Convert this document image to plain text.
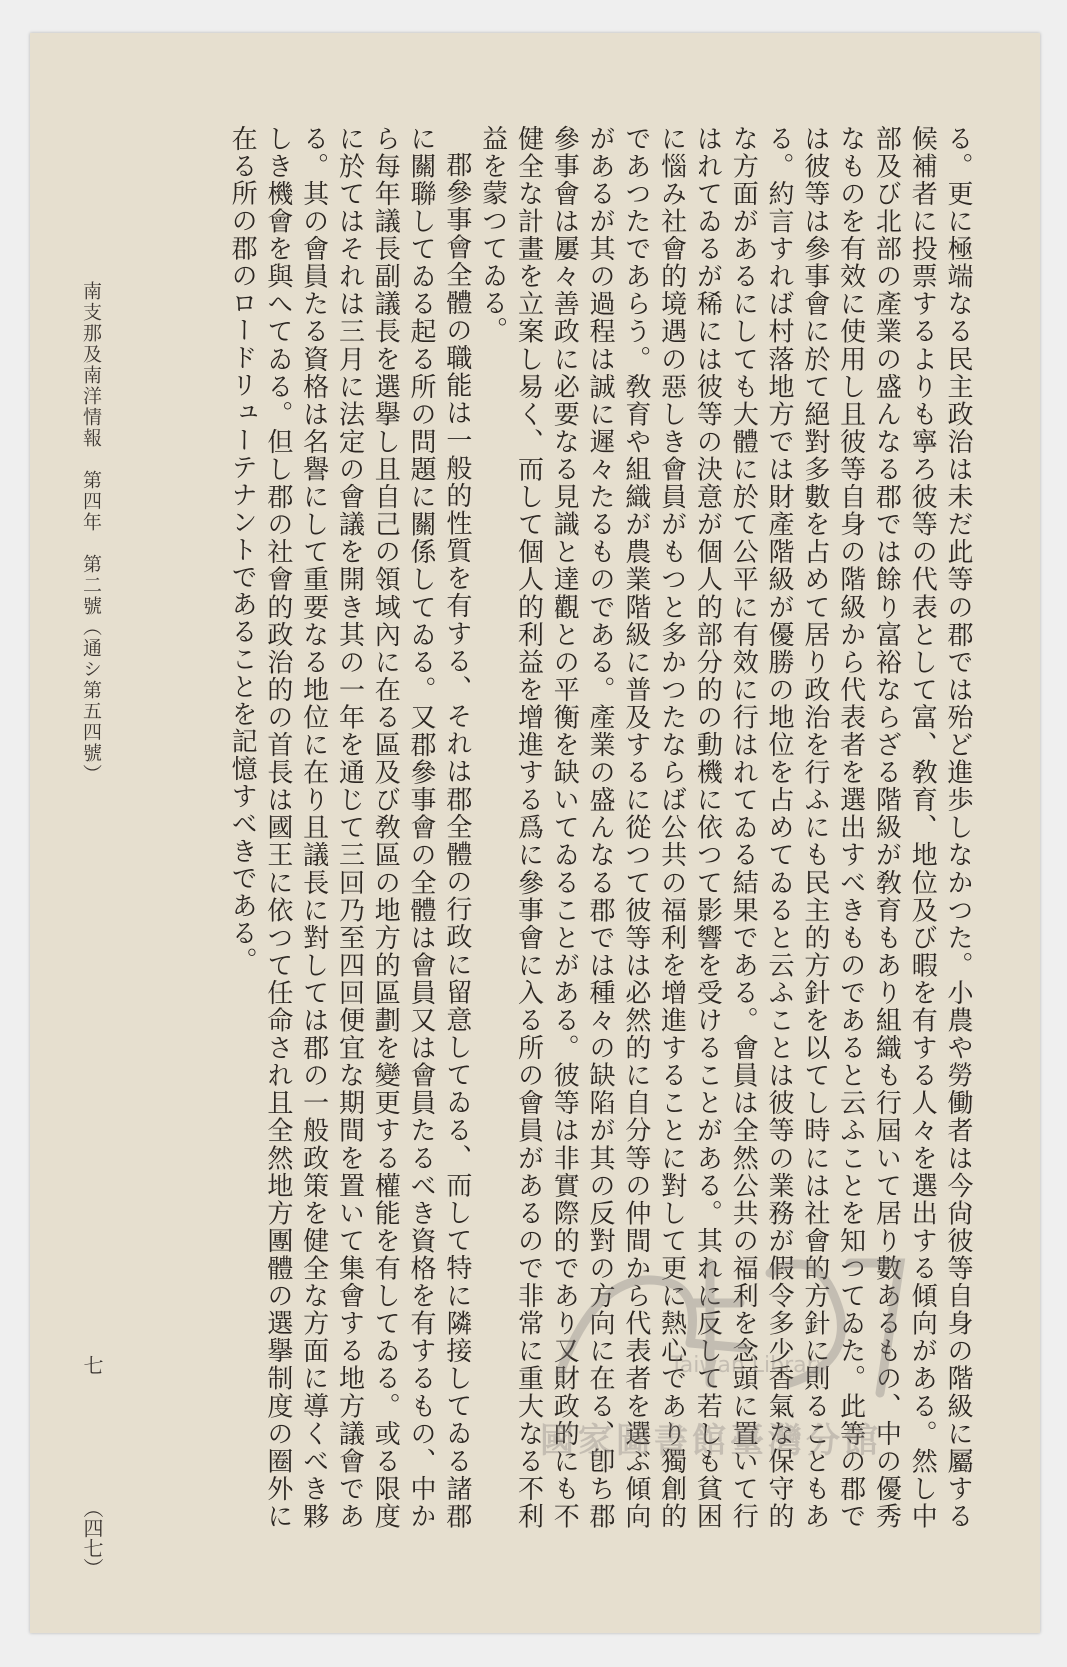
る。更に極端なる民主政治は未だ此等の郡では殆ど進歩しなかつた。小農や勞働者は今尙彼等自身の階級に屬する候補者に投票するよりも寧ろ彼等の代表として富、敎育、地位及び暇を有する人々を選出する傾向がある。然し中部及び北部の產業の盛んなる郡では餘り富裕ならざる階級が敎育もあり組織も行屆いて居り數あるもの、中の優秀なものを有效に使用し且彼等自身の階級から代表者を選出すべきものであると云ふことを知つてゐた。此等の郡では彼等は參事會に於て絕對多數を占めて居り政治を行ふにも民主的方針を以てし時には社會的方針に則ることもある。約言すれば村落地方では財產階級が優勝の地位を占めてゐると云ふことは彼等の業務が假令多少香氣な保守的な方面があるにしても大體に於て公平に有效に行はれてゐる結果である。會員は全然公共の福利を念頭に置いて行はれてゐるが稀には彼等の決意が個人的部分的の動機に依つて影響を受けることがある。其れに反して若しも貧困に惱み社會的境遇の惡しき會員がもつと多かつたならば公共の福利を增進することに對して更に熱心であり獨創的であつたであらう。敎育や組織が農業階級に普及するに從つて彼等は必然的に自分等の仲間から代表者を選ぶ傾向があるが其の過程は誠に遲々たるものである。產業の盛んなる郡では種々の缺陷が其の反對の方向に在る、卽ち郡參事會は屢々善政に必要なる見識と達觀との平衡を缺いてゐることがある。彼等は非實際的であり又財政的にも不健全な計畫を立案し易く、而して個人的利益を增進する爲に參事會に入る所の會員があるので非常に重大なる不利益を蒙つてゐる。

郡參事會全體の職能は一般的性質を有する、それは郡全體の行政に留意してゐる、而して特に隣接してゐる諸郡に關聯してゐる起る所の問題に關係してゐる。又郡參事會の全體は會員又は會員たるべき資格を有するもの、中から每年議長副議長を選擧し且自己の領域內に在る區及び敎區の地方的區劃を變更する權能を有してゐる。或る限度に於てはそれは三月に法定の會議を開き其の一年を通じて三回乃至四回便宜な期間を置いて集會する地方議會である。其の會員たる資格は名譽にして重要なる地位に在り且議長に對しては郡の一般政策を健全な方面に導くべき夥しき機會を與へてゐる。但し郡の社會的政治的の首長は國王に依つて任命され且全然地方團體の選擧制度の圈外に在る所の郡のロードリューテナントであることを記憶すべきである。

南支那及南洋情報　第四年　第二號（通シ第五四號）
七
（四七）
Taiwan Library
國家圖書館臺灣分館
